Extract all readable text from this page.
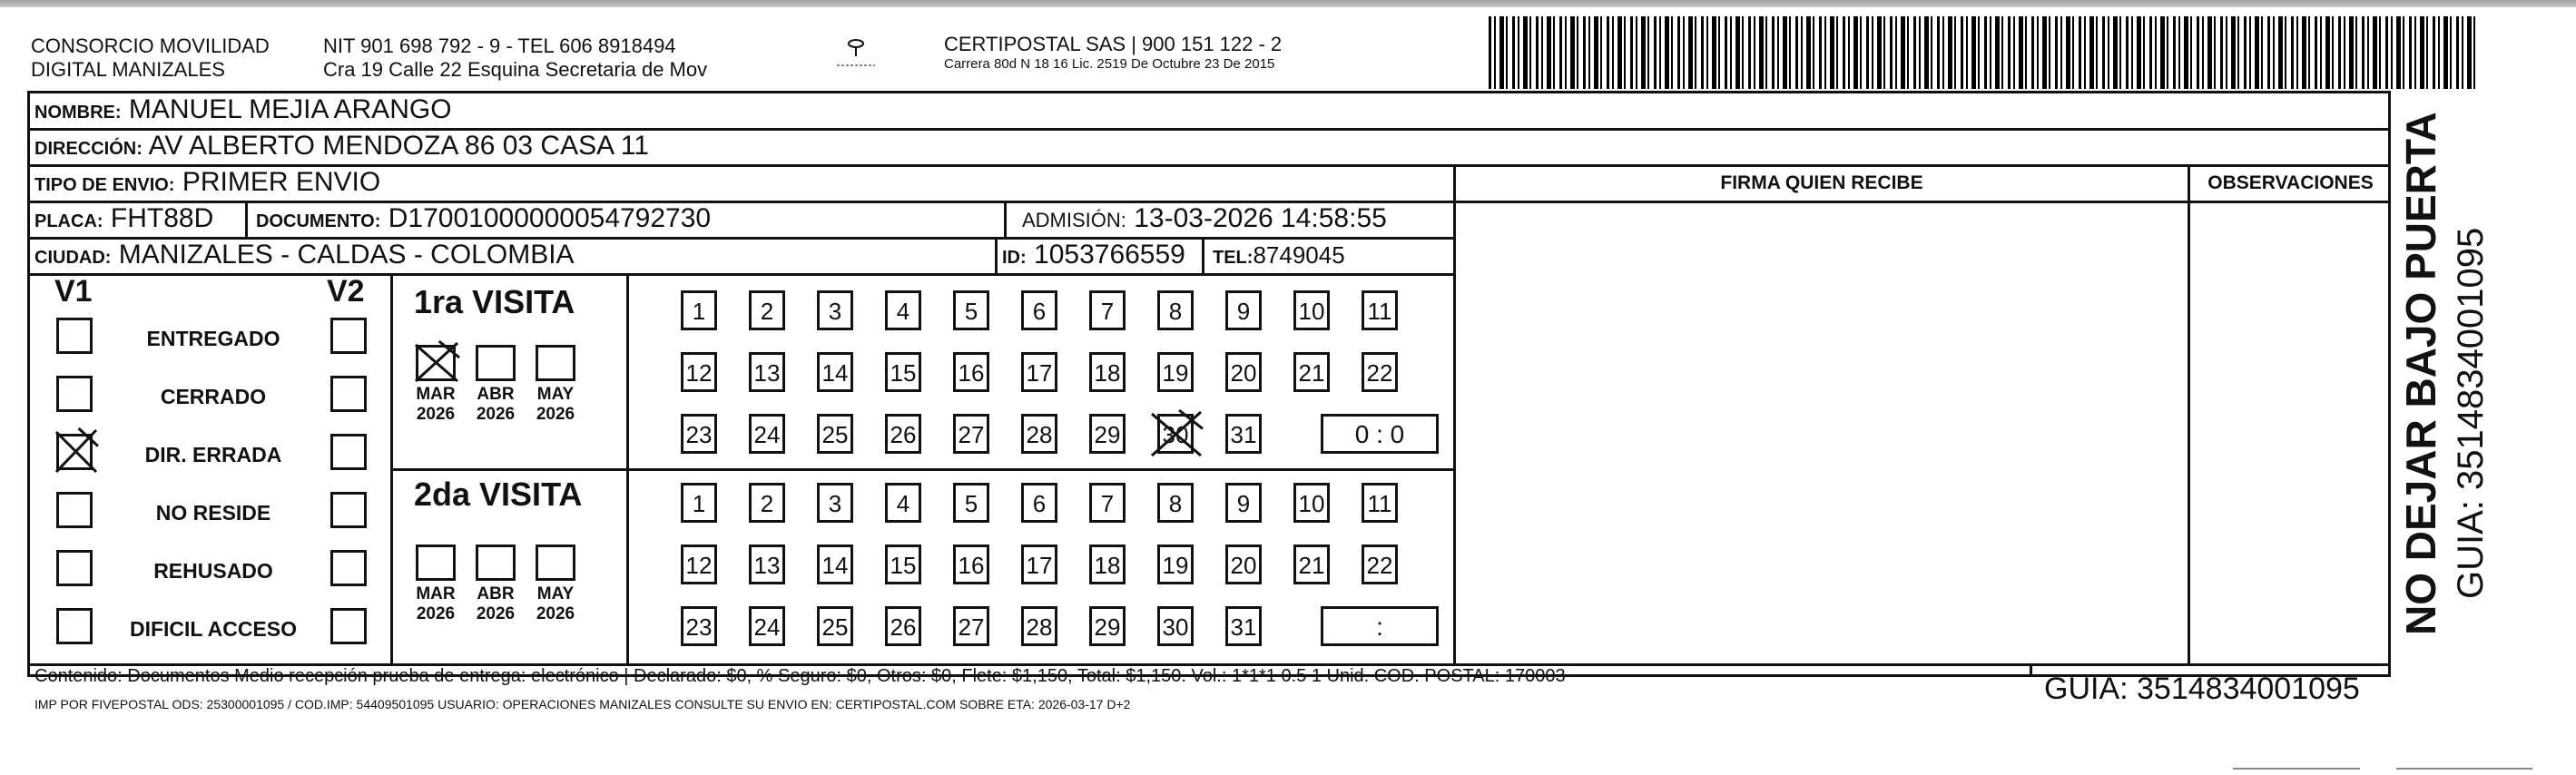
CONSORCIO MOVILIDAD
DIGITAL MANIZALES
NIT 901 698 792 - 9 - TEL 606 8918494
Cra 19 Calle 22 Esquina Secretaria de Mov
CERTIPOSTAL SAS | 900 151 122 - 2
Carrera 80d N 18 16 Lic. 2519 De Octubre 23 De 2015
NOMBRE: MANUEL MEJIA ARANGO
DIRECCIÓN: AV ALBERTO MENDOZA 86 03 CASA 11
TIPO DE ENVIO: PRIMER ENVIO	FIRMA QUIEN RECIBE	OBSERVACIONES
PLACA: FHT88D DOCUMENTO: D17001000000054792730	ADMISIÓN: 13-03-2026 14:58:55
CIUDAD: MANIZALES - CALDAS - COLOMBIA	ID: 1053766559 TEL:8749045
V1	V2
ENTREGADO
CERRADO
DIR. ERRADA
NO RESIDE
REHUSADO
DIFICIL ACCESO
1ra VISITA
2da VISITA
MAR
2026
ABR
2026
MAY
2026
MAR
2026
ABR
2026
MAY
2026
1	2	3	4	5	6	7	8	9	10 11
12 13 14 15 16 17 18 19 20 21 22
23 24 25 26 27 28 29 30 31	0 : 0
1	2	3	4	5	6	7	8	9	10 11
12 13 14 15 16 17 18 19 20 21 22
23 24 25 26 27 28 29 30 31	:
Contenido: Documentos Medio recepción prueba de entrega: electrónico | Declarado: $0, % Seguro: $0, Otros: $0, Flete: $1,150, Total: $1,150. Vol.: 1*1*1 0.5 1 Unid. COD. POSTAL: 170003
IMP POR FIVEPOSTAL ODS: 25300001095 / COD.IMP: 54409501095 USUARIO: OPERACIONES MANIZALES CONSULTE SU ENVIO EN: CERTIPOSTAL.COM SOBRE ETA: 2026-03-17 D+2	GUIA: 3514834001095
NO DEJAR BAJO PUERTA GUIA: 3514834001095
